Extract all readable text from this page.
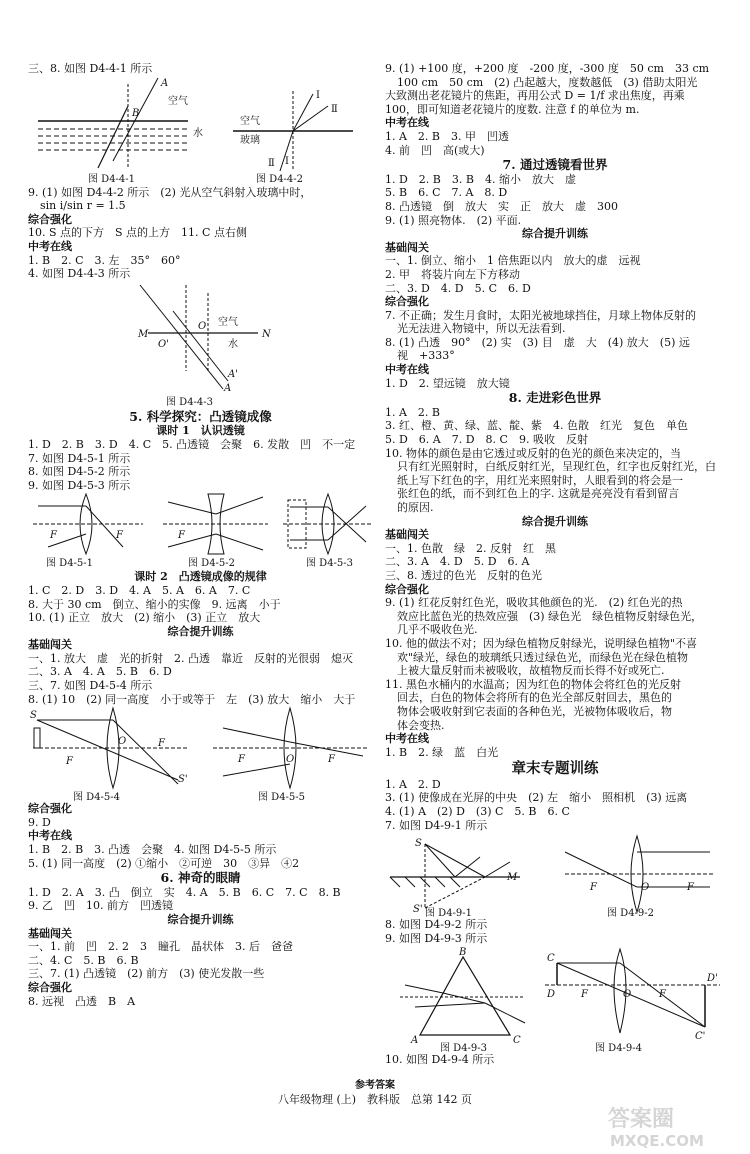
三、8. 如图 D4-4-1 所示
A
B
空气
水
图 D4-4-1
空气
玻璃
I
Ⅱ
Ⅱ I
图 D4-4-2
9. (1) 如图 D4-4-2 所示　(2) 光从空气斜射入玻璃中时，
sin i/sin r = 1.5
综合强化
10. S 点的下方　S 点的上方　11. C 点右侧
中考在线
1. B　2. C　3. 左　35°　60°
4. 如图 D4-4-3 所示
M	N
O
O'
A
A'
空气
水
图 D4-4-3
5. 科学探究：凸透镜成像
课时 1　认识透镜
1. D　2. B　3. D　4. C　5. 凸透镜　会聚　6. 发散　凹　不一定
7. 如图 D4-5-1 所示
8. 如图 D4-5-2 所示
9. 如图 D4-5-3 所示
F	F
图 D4-5-1
F
图 D4-5-2	图 D4-5-3
课时 2　凸透镜成像的规律
1. C　2. D　3. D　4. A　5. A　6. A　7. C
8. 大于 30 cm　倒立、缩小的实像　9. 远离　小于
10. (1) 正立　放大　(2) 缩小　(3) 正立　放大
综合提升训练
基础闯关
一、1. 放大　虚　光的折射　2. 凸透　靠近　反射的光很弱　熄灭
二、3. A　4. A　5. B　6. D
三、7. 如图 D4-5-4 所示
8. (1) 10　(2) 同一高度　小于或等于　左　(3) 放大　缩小　大于
S
F
O	F
S'
图 D4-5-4
F	O	F
图 D4-5-5
综合强化
9. D
中考在线
1. B　2. B　3. 凸透　会聚　4. 如图 D4-5-5 所示
5. (1) 同一高度　(2) ①缩小　②可逆　30　③异　④2
6. 神奇的眼睛
1. D　2. A　3. 凸　倒立　实　4. A　5. B　6. C　7. C　8. B
9. 乙　凹　10. 前方　凹透镜
综合提升训练
基础闯关
一、1. 前　凹　2. 2　3　瞳孔　晶状体　3. 后　爸爸
二、4. C　5. B　6. B
三、7. (1) 凸透镜　(2) 前方　(3) 使光发散一些
综合强化
8. 远视　凸透　B　A
9. (1) +100 度，+200 度　-200 度，-300 度　50 cm　33 cm
100 cm　50 cm　(2) 凸起越大，度数越低　(3) 借助太阳光
大致测出老花镜片的焦距，再用公式 D = 1/f 求出焦度，再乘
100，即可知道老花镜片的度数. 注意 f 的单位为 m.
中考在线
1. A　2. B　3. 甲　凹透
4. 前　凹　高(或大)
7. 通过透镜看世界
1. D　2. B　3. B　4. 缩小　放大　虚
5. B　6. C　7. A　8. D
8. 凸透镜　倒　放大　实　正　放大　虚　300
9. (1) 照亮物体.　(2) 平面.
综合提升训练
基础闯关
一、1. 倒立、缩小　1 倍焦距以内　放大的虚　远视
2. 甲　将装片向左下方移动
二、3. D　4. D　5. C　6. D
综合强化
7. 不正确；发生月食时，太阳光被地球挡住，月球上物体反射的
光无法进入物镜中，所以无法看到.
8. (1) 凸透　90°　(2) 实　(3) 目　虚　大　(4) 放大　(5) 远
视　+333°
中考在线
1. D　2. 望远镜　放大镜
8. 走进彩色世界
1. A　2. B
3. 红、橙、黄、绿、蓝、靛、紫　4. 色散　红光　复色　单色
5. D　6. A　7. D　8. C　9. 吸收　反射
10. 物体的颜色是由它透过或反射的色光的颜色来决定的，当
只有红光照射时，白纸反射红光，呈现红色，红字也反射红光，白
纸上写下红色的字，用红光来照射时，人眼看到的将会是一
张红色的纸，而不到红色上的字. 这就是亮亮没有看到留言
的原因.
综合提升训练
基础闯关
一、1. 色散　绿　2. 反射　红　黑
二、3. A　4. D　5. D　6. A
三、8. 透过的色光　反射的色光
综合强化
9. (1) 红花反射红色光，吸收其他颜色的光.　(2) 红色光的热
效应比蓝色光的热效应强　(3) 绿色光　绿色植物反射绿色光，
几乎不吸收色光.
10. 他的做法不对；因为绿色植物反射绿光，说明绿色植物"不喜
欢"绿光，绿色的玻璃纸只透过绿色光，而绿色光在绿色植物
上被大量反射而未被吸收，故植物反而长得不好或死亡.
11. 黑色水桶内的水温高；因为红色的物体会将红色的光反射
回去，白色的物体会将所有的色光全部反射回去，黑色的
物体会吸收射到它表面的各种色光，光被物体吸收后，物
体会变热.
中考在线
1. B　2. 绿　蓝　白光
章末专题训练
1. A　2. D
3. (1) 使像成在光屏的中央　(2) 左　缩小　照相机　(3) 远离
4. (1) A　(2) D　(3) C　5. B　6. C
7. 如图 D4-9-1 所示
S
S'
M
图 D4-9-1
F	O	F
图 D4-9-2
8. 如图 D4-9-2 所示
9. 如图 D4-9-3 所示
B
A	C
图 D4-9-3
C
D	F	O	F
D'
C'
图 D4-9-4
10. 如图 D4-9-4 所示
参考答案
八年级物理 (上)　教科版　总第 142 页
答案圈
MXQE.COM
